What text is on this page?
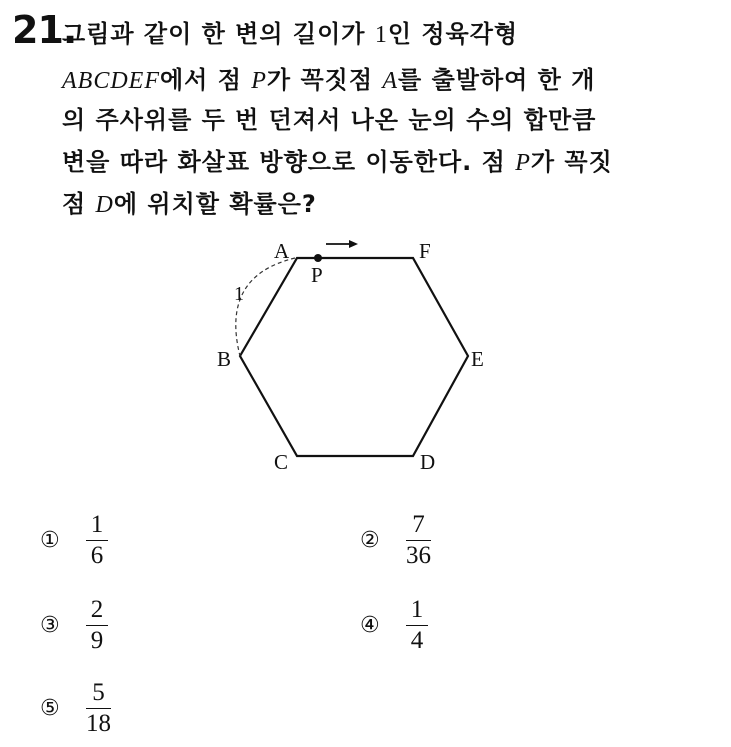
21.
그림과 같이 한 변의 길이가 1인 정육각형
ABCDEF에서 점 P가 꼭짓점 A를 출발하여 한 개
의 주사위를 두 번 던져서 나온 눈의 수의 합만큼
변을 따라 화살표 방향으로 이동한다. 점 P가 꼭짓
점 D에 위치할 확률은?
1
P
A	F
B	E
C	D
①	$\frac{1}{6}$	②	$\frac{7}{36}$
③	$\frac{2}{9}$	④	$\frac{1}{4}$
⑤	$\frac{5}{18}$
